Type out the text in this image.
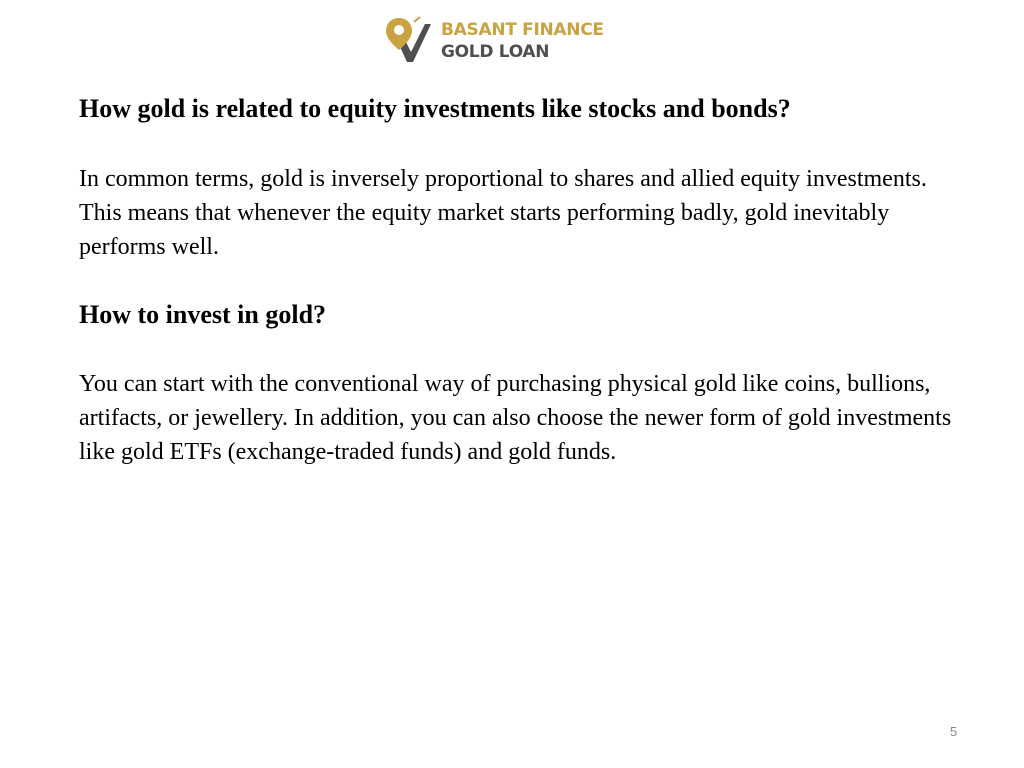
BASANT FINANCE
GOLD LOAN
How gold is related to equity investments like stocks and bonds?

In common terms, gold is inversely proportional to shares and allied equity investments. This means that whenever the equity market starts performing badly, gold inevitably performs well.

How to invest in gold?

You can start with the conventional way of purchasing physical gold like coins, bullions, artifacts, or jewellery. In addition, you can also choose the newer form of gold investments like gold ETFs (exchange-traded funds) and gold funds.

5
